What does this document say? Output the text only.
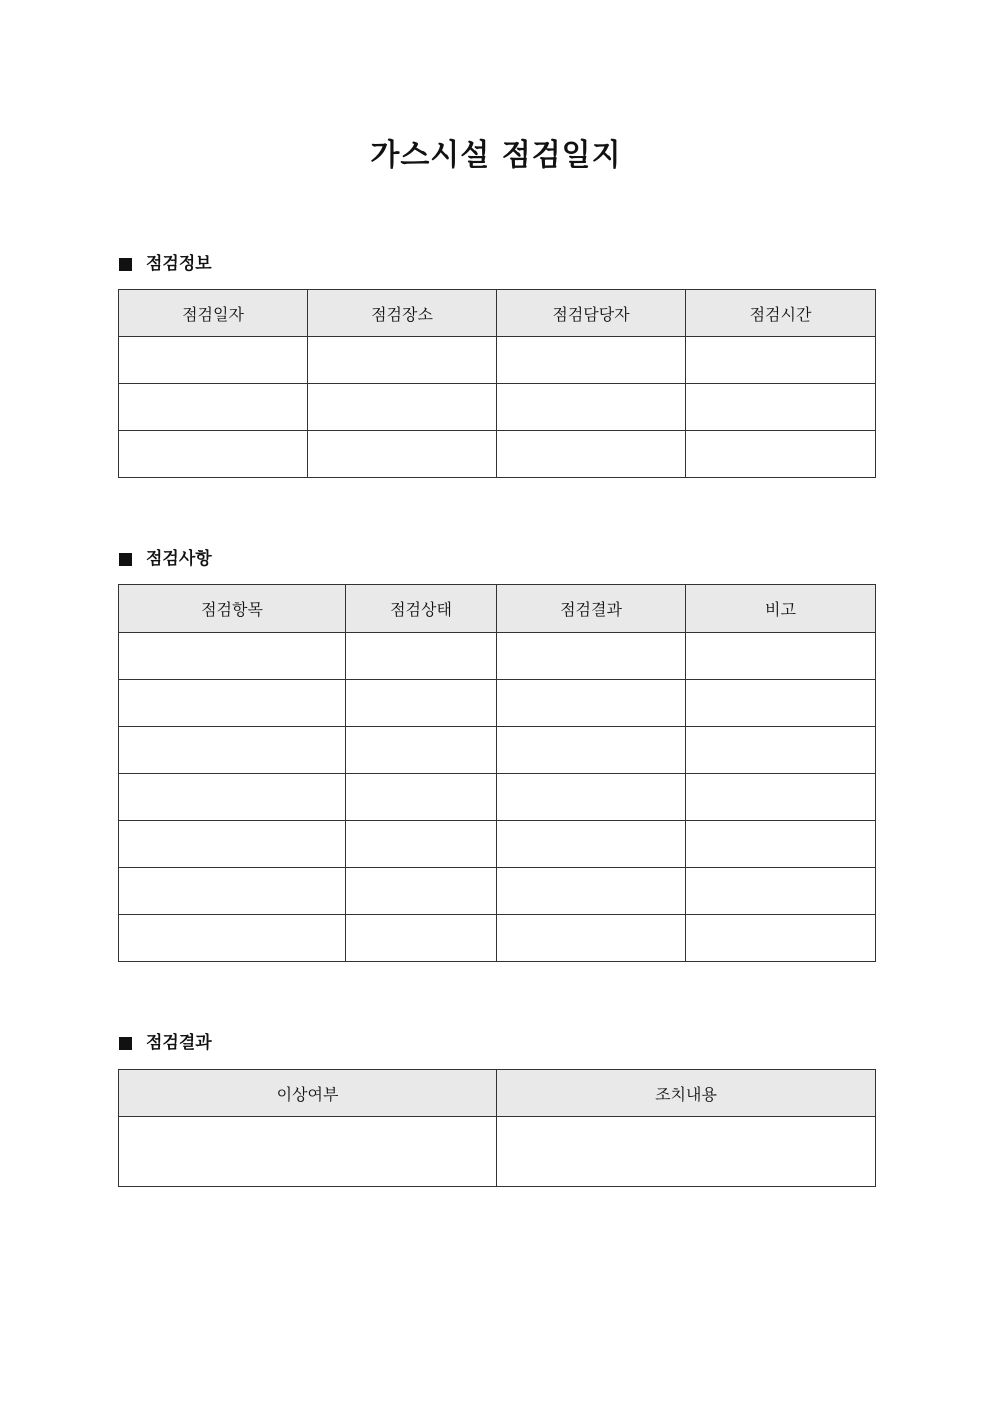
가스시설 점검일지
점검정보
점검일자	점검장소	점검담당자	점검시간

점검사항
점검항목	점검상태	점검결과	비고

점검결과
이상여부	조치내용
